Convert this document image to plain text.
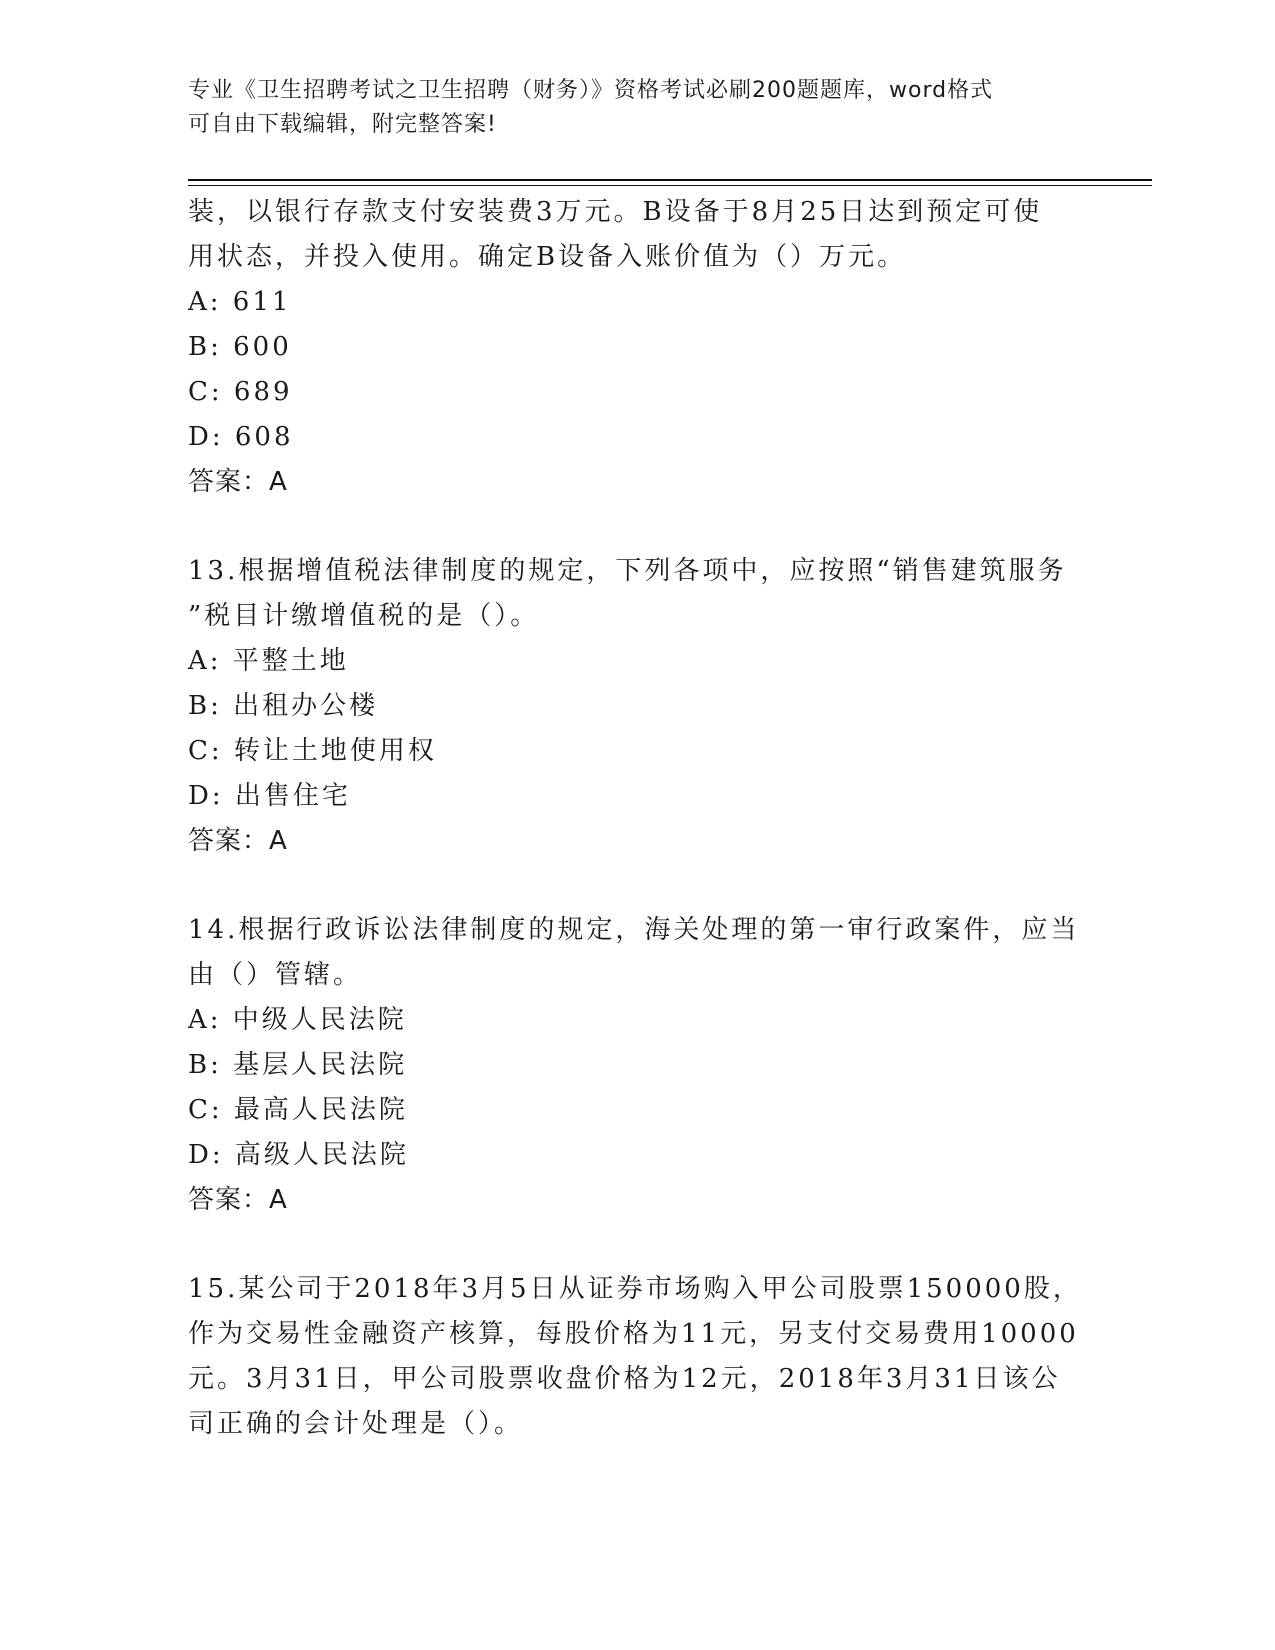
专业《卫生招聘考试之卫生招聘（财务）》资格考试必刷200题题库，word格式
可自由下载编辑，附完整答案!
装，以银行存款支付安装费3万元。B设备于8月25日达到预定可使
用状态，并投入使用。确定B设备入账价值为（）万元。
A: 611
B: 600
C: 689
D: 608
答案：A
13.根据增值税法律制度的规定，下列各项中，应按照“销售建筑服务
”税目计缴增值税的是（）。
A: 平整土地
B: 出租办公楼
C: 转让土地使用权
D: 出售住宅
答案：A
14.根据行政诉讼法律制度的规定，海关处理的第一审行政案件，应当
由（）管辖。
A: 中级人民法院
B: 基层人民法院
C: 最高人民法院
D: 高级人民法院
答案：A
15.某公司于2018年3月5日从证券市场购入甲公司股票150000股，
作为交易性金融资产核算，每股价格为11元，另支付交易费用10000
元。3月31日，甲公司股票收盘价格为12元，2018年3月31日该公
司正确的会计处理是（）。
